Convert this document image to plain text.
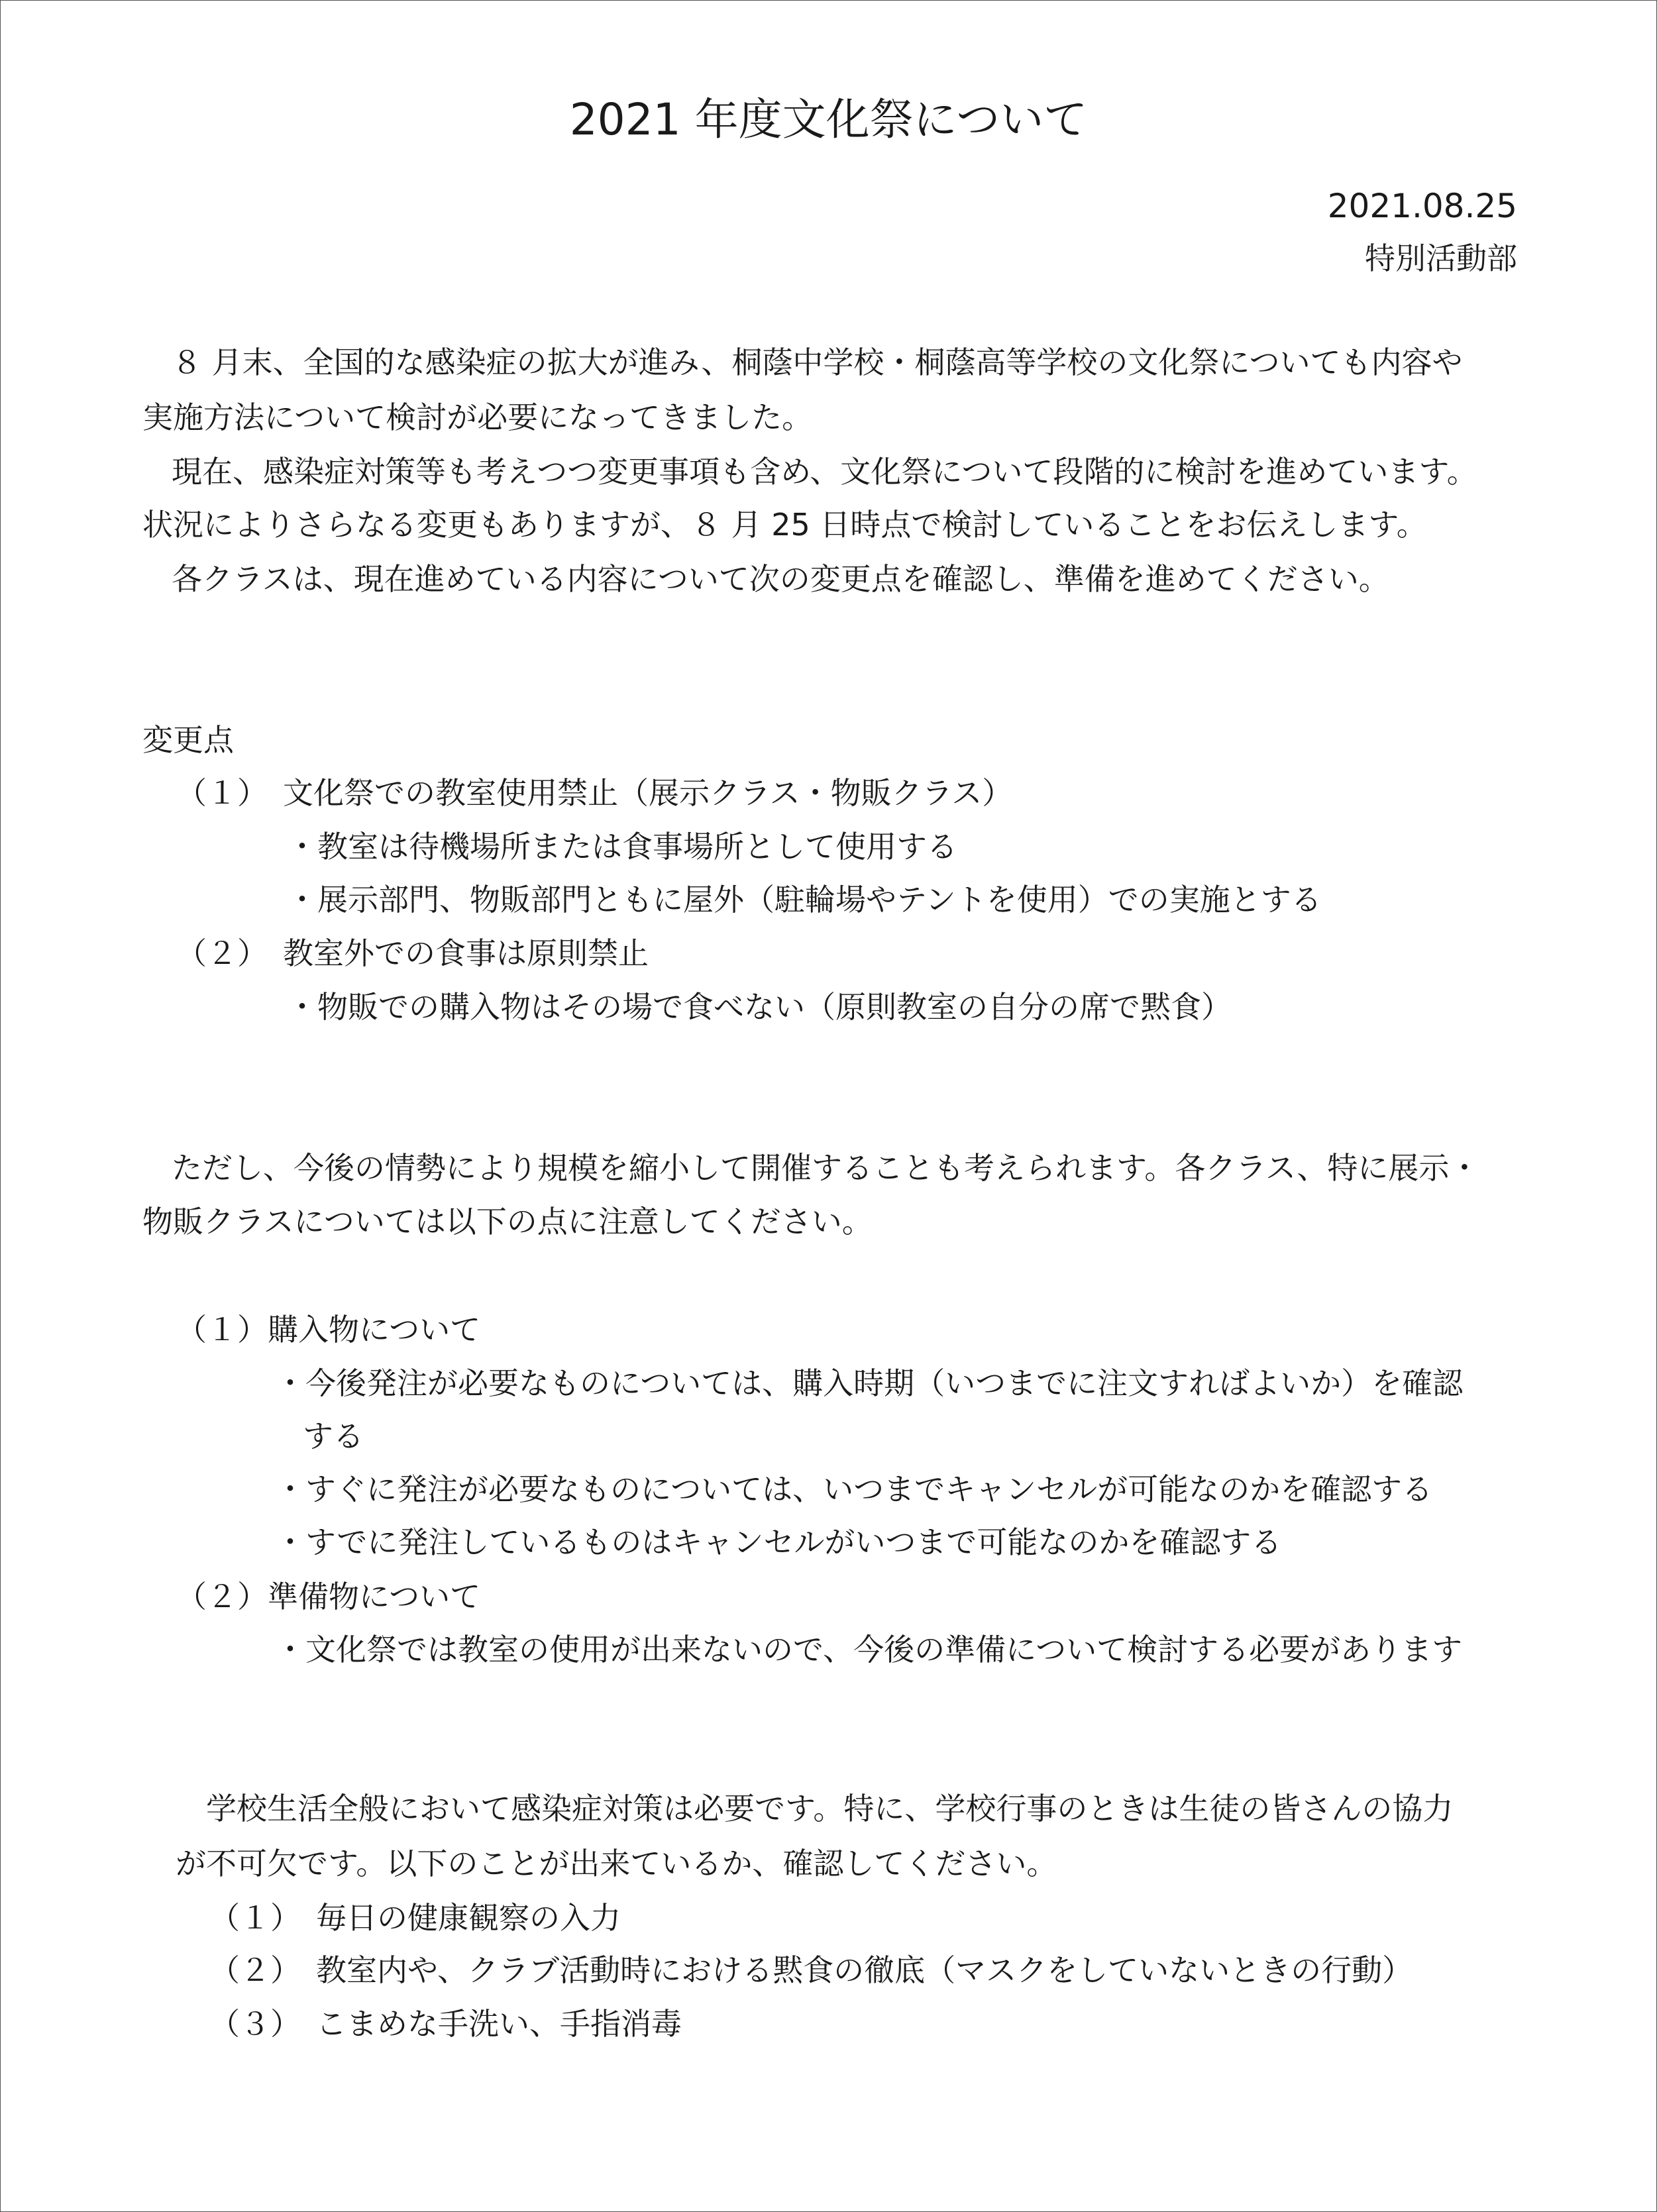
2021 年度文化祭について
2021.08.25
特別活動部
８ 月末、全国的な感染症の拡大が進み、桐蔭中学校・桐蔭高等学校の文化祭についても内容や
実施方法について検討が必要になってきました。
現在、感染症対策等も考えつつ変更事項も含め、文化祭について段階的に検討を進めています。
状況によりさらなる変更もありますが、８ 月 25 日時点で検討していることをお伝えします。
各クラスは、現在進めている内容について次の変更点を確認し、準備を進めてください。
変更点
（１）　文化祭での教室使用禁止（展示クラス・物販クラス）
・教室は待機場所または食事場所として使用する
・展示部門、物販部門ともに屋外（駐輪場やテントを使用）での実施とする
（２）　教室外での食事は原則禁止
・物販での購入物はその場で食べない（原則教室の自分の席で黙食）
ただし、今後の情勢により規模を縮小して開催することも考えられます。各クラス、特に展示・
物販クラスについては以下の点に注意してください。
（１）購入物について
・今後発注が必要なものについては、購入時期（いつまでに注文すればよいか）を確認
する
・すぐに発注が必要なものについては、いつまでキャンセルが可能なのかを確認する
・すでに発注しているものはキャンセルがいつまで可能なのかを確認する
（２）準備物について
・文化祭では教室の使用が出来ないので、今後の準備について検討する必要があります
学校生活全般において感染症対策は必要です。特に、学校行事のときは生徒の皆さんの協力
が不可欠です。以下のことが出来ているか、確認してください。
（１）　毎日の健康観察の入力
（２）　教室内や、クラブ活動時における黙食の徹底（マスクをしていないときの行動）
（３）　こまめな手洗い、手指消毒
